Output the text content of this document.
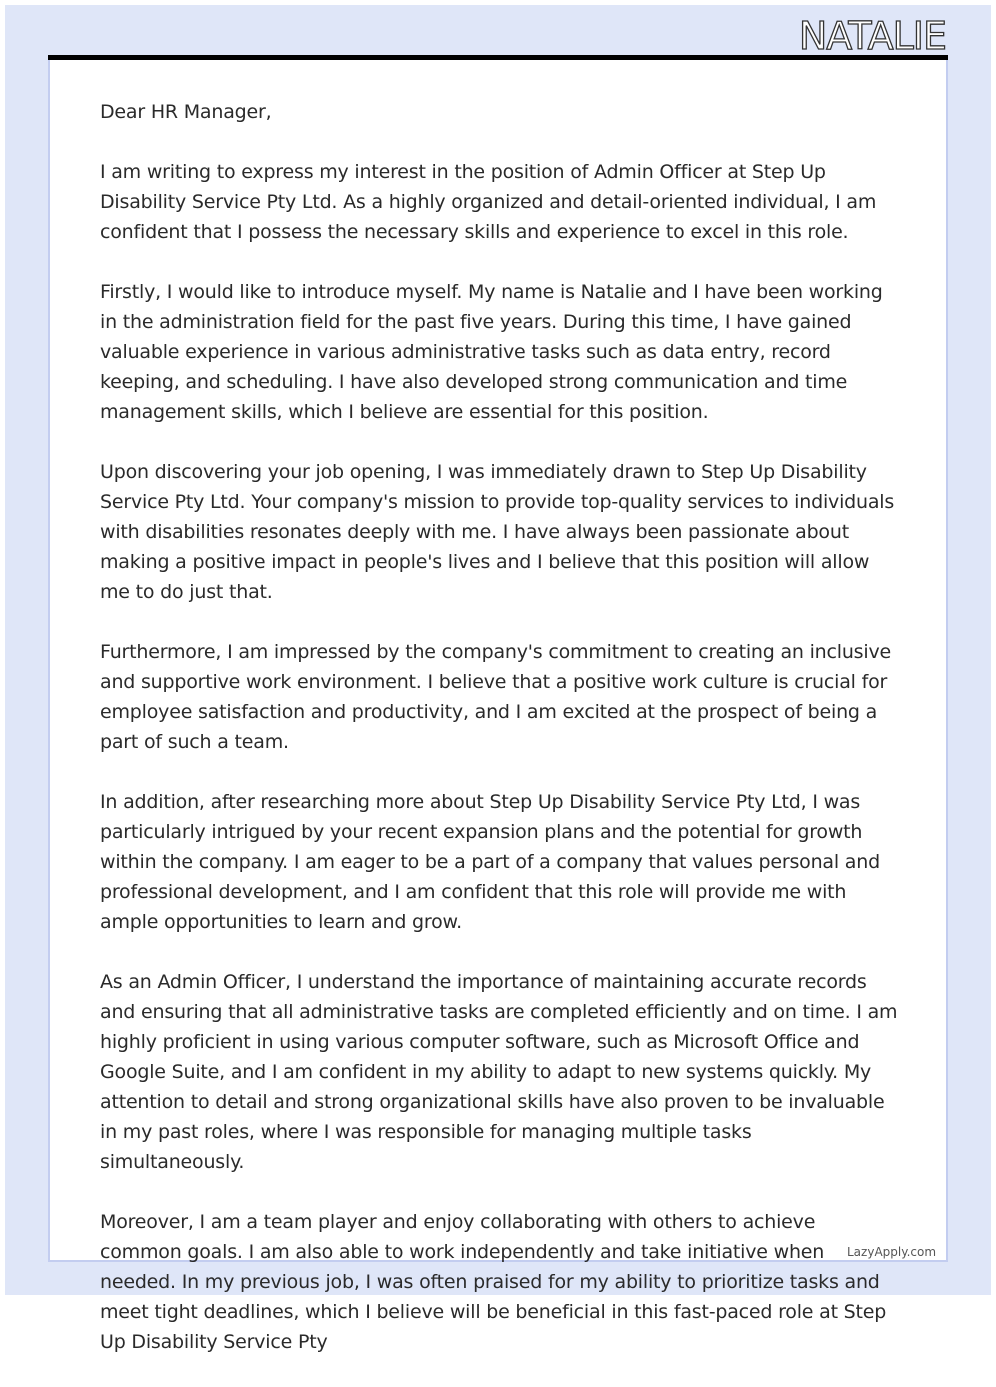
NATALIE

Dear HR Manager,

I am writing to express my interest in the position of Admin Officer at Step Up Disability Service Pty Ltd. As a highly organized and detail-oriented individual, I am confident that I possess the necessary skills and experience to excel in this role.

Firstly, I would like to introduce myself. My name is Natalie and I have been working in the administration field for the past five years. During this time, I have gained valuable experience in various administrative tasks such as data entry, record keeping, and scheduling. I have also developed strong communication and time management skills, which I believe are essential for this position.

Upon discovering your job opening, I was immediately drawn to Step Up Disability Service Pty Ltd. Your company's mission to provide top-quality services to individuals with disabilities resonates deeply with me. I have always been passionate about making a positive impact in people's lives and I believe that this position will allow me to do just that.

Furthermore, I am impressed by the company's commitment to creating an inclusive and supportive work environment. I believe that a positive work culture is crucial for employee satisfaction and productivity, and I am excited at the prospect of being a part of such a team.

In addition, after researching more about Step Up Disability Service Pty Ltd, I was particularly intrigued by your recent expansion plans and the potential for growth within the company. I am eager to be a part of a company that values personal and professional development, and I am confident that this role will provide me with ample opportunities to learn and grow.

As an Admin Officer, I understand the importance of maintaining accurate records and ensuring that all administrative tasks are completed efficiently and on time. I am highly proficient in using various computer software, such as Microsoft Office and Google Suite, and I am confident in my ability to adapt to new systems quickly. My attention to detail and strong organizational skills have also proven to be invaluable in my past roles, where I was responsible for managing multiple tasks simultaneously.

Moreover, I am a team player and enjoy collaborating with others to achieve common goals. I am also able to work independently and take initiative when needed. In my previous job, I was often praised for my ability to prioritize tasks and meet tight deadlines, which I believe will be beneficial in this fast-paced role at Step Up Disability Service Pty

LazyApply.com
